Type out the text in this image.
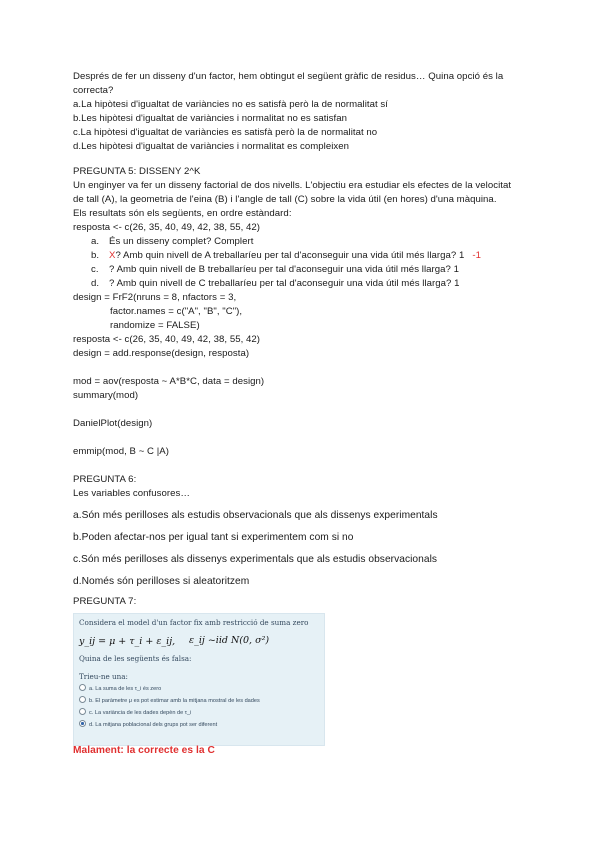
Després de fer un disseny d'un factor, hem obtingut el següent gràfic de residus… Quina opció és la
correcta?
a.La hipòtesi d'igualtat de variàncies no es satisfà però la de normalitat sí
b.Les hipòtesi d'igualtat de variàncies i normalitat no es satisfan
c.La hipòtesi d'igualtat de variàncies es satisfà però la de normalitat no
d.Les hipòtesi d'igualtat de variàncies i normalitat es compleixen
PREGUNTA 5: DISSENY 2^K
Un enginyer va fer un disseny factorial de dos nivells. L'objectiu era estudiar els efectes de la velocitat
de tall (A), la geometria de l'eina (B) i l'angle de tall (C) sobre la vida útil (en hores) d'una màquina.
Els resultats són els següents, en ordre estàndard:
resposta <- c(26, 35, 40, 49, 42, 38, 55, 42)
a. És un disseny complet? Complert
b. X? Amb quin nivell de A treballaríeu per tal d'aconseguir una vida útil més llarga? 1 -1
c. ? Amb quin nivell de B treballaríeu per tal d'aconseguir una vida útil més llarga? 1
d. ? Amb quin nivell de C treballaríeu per tal d'aconseguir una vida útil més llarga? 1
design = FrF2(nruns = 8, nfactors = 3,
factor.names = c("A", "B", "C"),
randomize = FALSE)
resposta <- c(26, 35, 40, 49, 42, 38, 55, 42)
design = add.response(design, resposta)
mod = aov(resposta ~ A*B*C, data = design)
summary(mod)
DanielPlot(design)
emmip(mod, B ~ C |A)
PREGUNTA 6:
Les variables confusores…
a.Són més perilloses als estudis observacionals que als dissenys experimentals
b.Poden afectar-nos per igual tant si experimentem com si no
c.Són més perilloses als dissenys experimentals que als estudis observacionals
d.Només són perilloses si aleatoritzem
PREGUNTA 7:
Considera el model d'un factor fix amb restricció de suma zero
y_ij = μ + τ_i + ε_ij, ε_ij ~iid N(0, σ²)
Quina de les següents és falsa:
Trieu-ne una:
a. La suma de les τ_i és zero
b. El paràmetre μ es pot estimar amb la mitjana mostral de les dades
c. La variància de les dades depèn de τ_i
d. La mitjana poblacional dels grups pot ser diferent
Malament: la correcte es la C
